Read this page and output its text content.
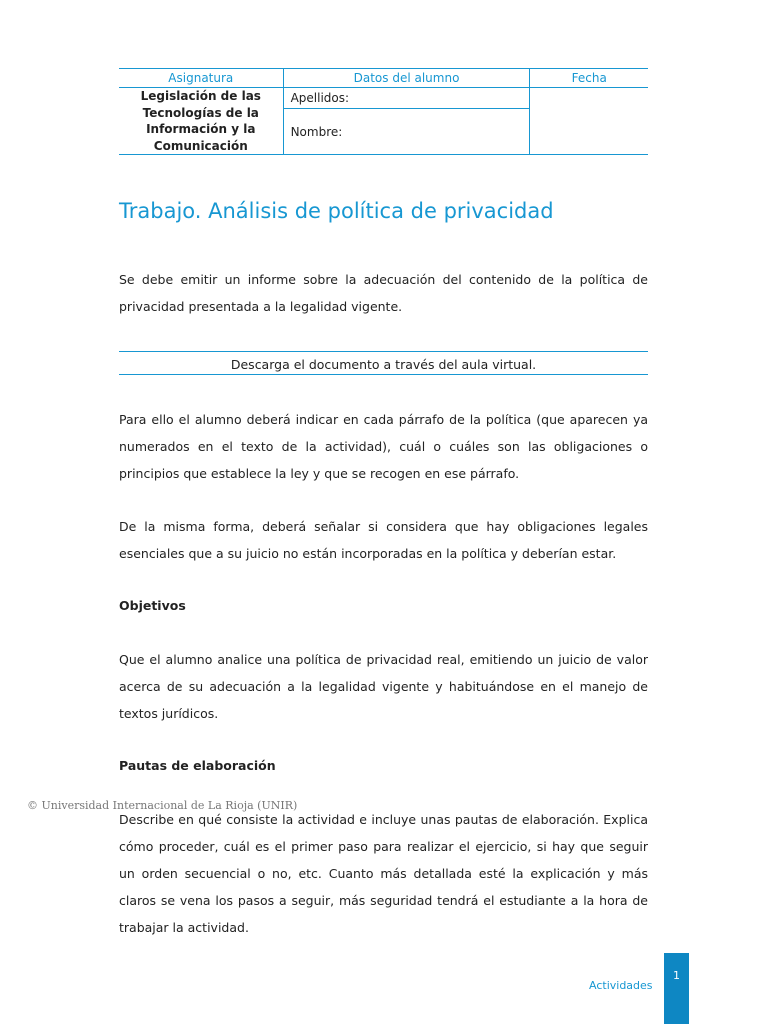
Asignatura	Datos del alumno	Fecha
Legislación de las
Tecnologías de la
Información y la
Comunicación	Apellidos:	
	Nombre:	
Trabajo. Análisis de política de privacidad

Se debe emitir un informe sobre la adecuación del contenido de la política de privacidad presentada a la legalidad vigente.

Descarga el documento a través del aula virtual.

Para ello el alumno deberá indicar en cada párrafo de la política (que aparecen ya numerados en el texto de la actividad), cuál o cuáles son las obligaciones o principios que establece la ley y que se recogen en ese párrafo.

De la misma forma, deberá señalar si considera que hay obligaciones legales esenciales que a su juicio no están incorporadas en la política y deberían estar.

Objetivos

Que el alumno analice una política de privacidad real, emitiendo un juicio de valor acerca de su adecuación a la legalidad vigente y habituándose en el manejo de textos jurídicos.

Pautas de elaboración
© Universidad Internacional de La Rioja (UNIR)

Describe en qué consiste la actividad e incluye unas pautas de elaboración. Explica cómo proceder, cuál es el primer paso para realizar el ejercicio, si hay que seguir un orden secuencial o no, etc. Cuanto más detallada esté la explicación y más claros se vena los pasos a seguir, más seguridad tendrá el estudiante a la hora de trabajar la actividad.

Actividades
1
